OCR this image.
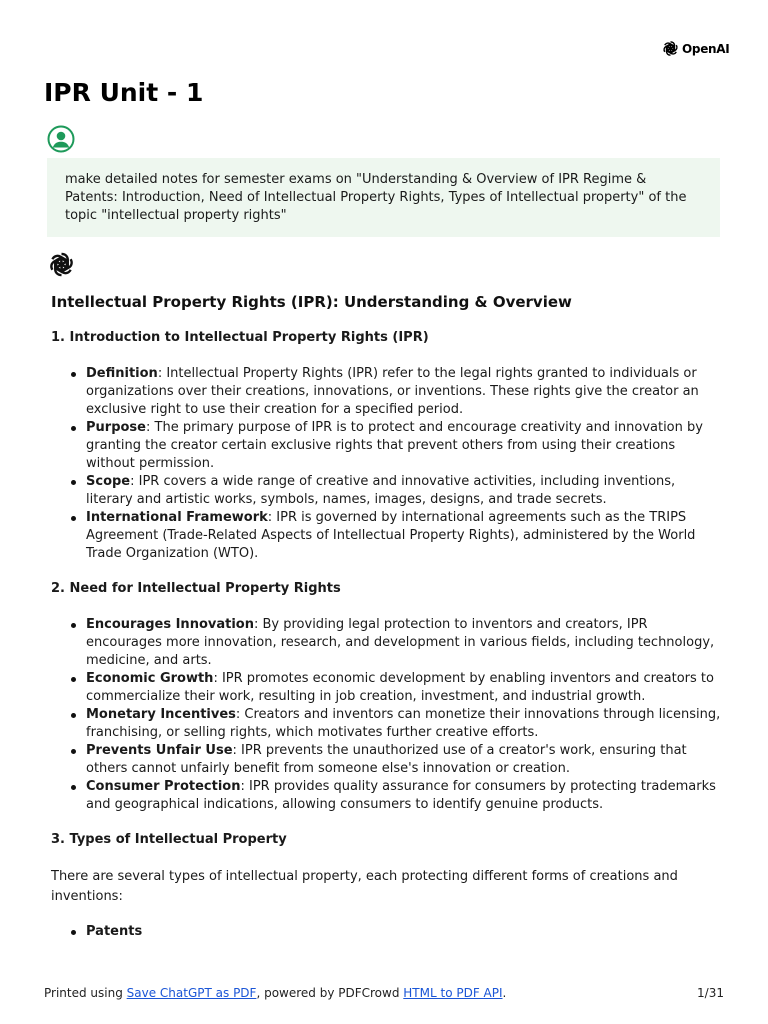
OpenAI
IPR Unit - 1
make detailed notes for semester exams on "Understanding & Overview of IPR Regime & Patents: Introduction, Need of Intellectual Property Rights, Types of Intellectual property" of the topic "intellectual property rights"
Intellectual Property Rights (IPR): Understanding & Overview
1. Introduction to Intellectual Property Rights (IPR)
Definition: Intellectual Property Rights (IPR) refer to the legal rights granted to individuals or organizations over their creations, innovations, or inventions. These rights give the creator an exclusive right to use their creation for a specified period.
Purpose: The primary purpose of IPR is to protect and encourage creativity and innovation by granting the creator certain exclusive rights that prevent others from using their creations without permission.
Scope: IPR covers a wide range of creative and innovative activities, including inventions, literary and artistic works, symbols, names, images, designs, and trade secrets.
International Framework: IPR is governed by international agreements such as the TRIPS Agreement (Trade-Related Aspects of Intellectual Property Rights), administered by the World Trade Organization (WTO).
2. Need for Intellectual Property Rights
Encourages Innovation: By providing legal protection to inventors and creators, IPR encourages more innovation, research, and development in various fields, including technology, medicine, and arts.
Economic Growth: IPR promotes economic development by enabling inventors and creators to commercialize their work, resulting in job creation, investment, and industrial growth.
Monetary Incentives: Creators and inventors can monetize their innovations through licensing, franchising, or selling rights, which motivates further creative efforts.
Prevents Unfair Use: IPR prevents the unauthorized use of a creator's work, ensuring that others cannot unfairly benefit from someone else's innovation or creation.
Consumer Protection: IPR provides quality assurance for consumers by protecting trademarks and geographical indications, allowing consumers to identify genuine products.
3. Types of Intellectual Property

There are several types of intellectual property, each protecting different forms of creations and inventions:

Patents
Printed using Save ChatGPT as PDF, powered by PDFCrowd HTML to PDF API.	1/31
